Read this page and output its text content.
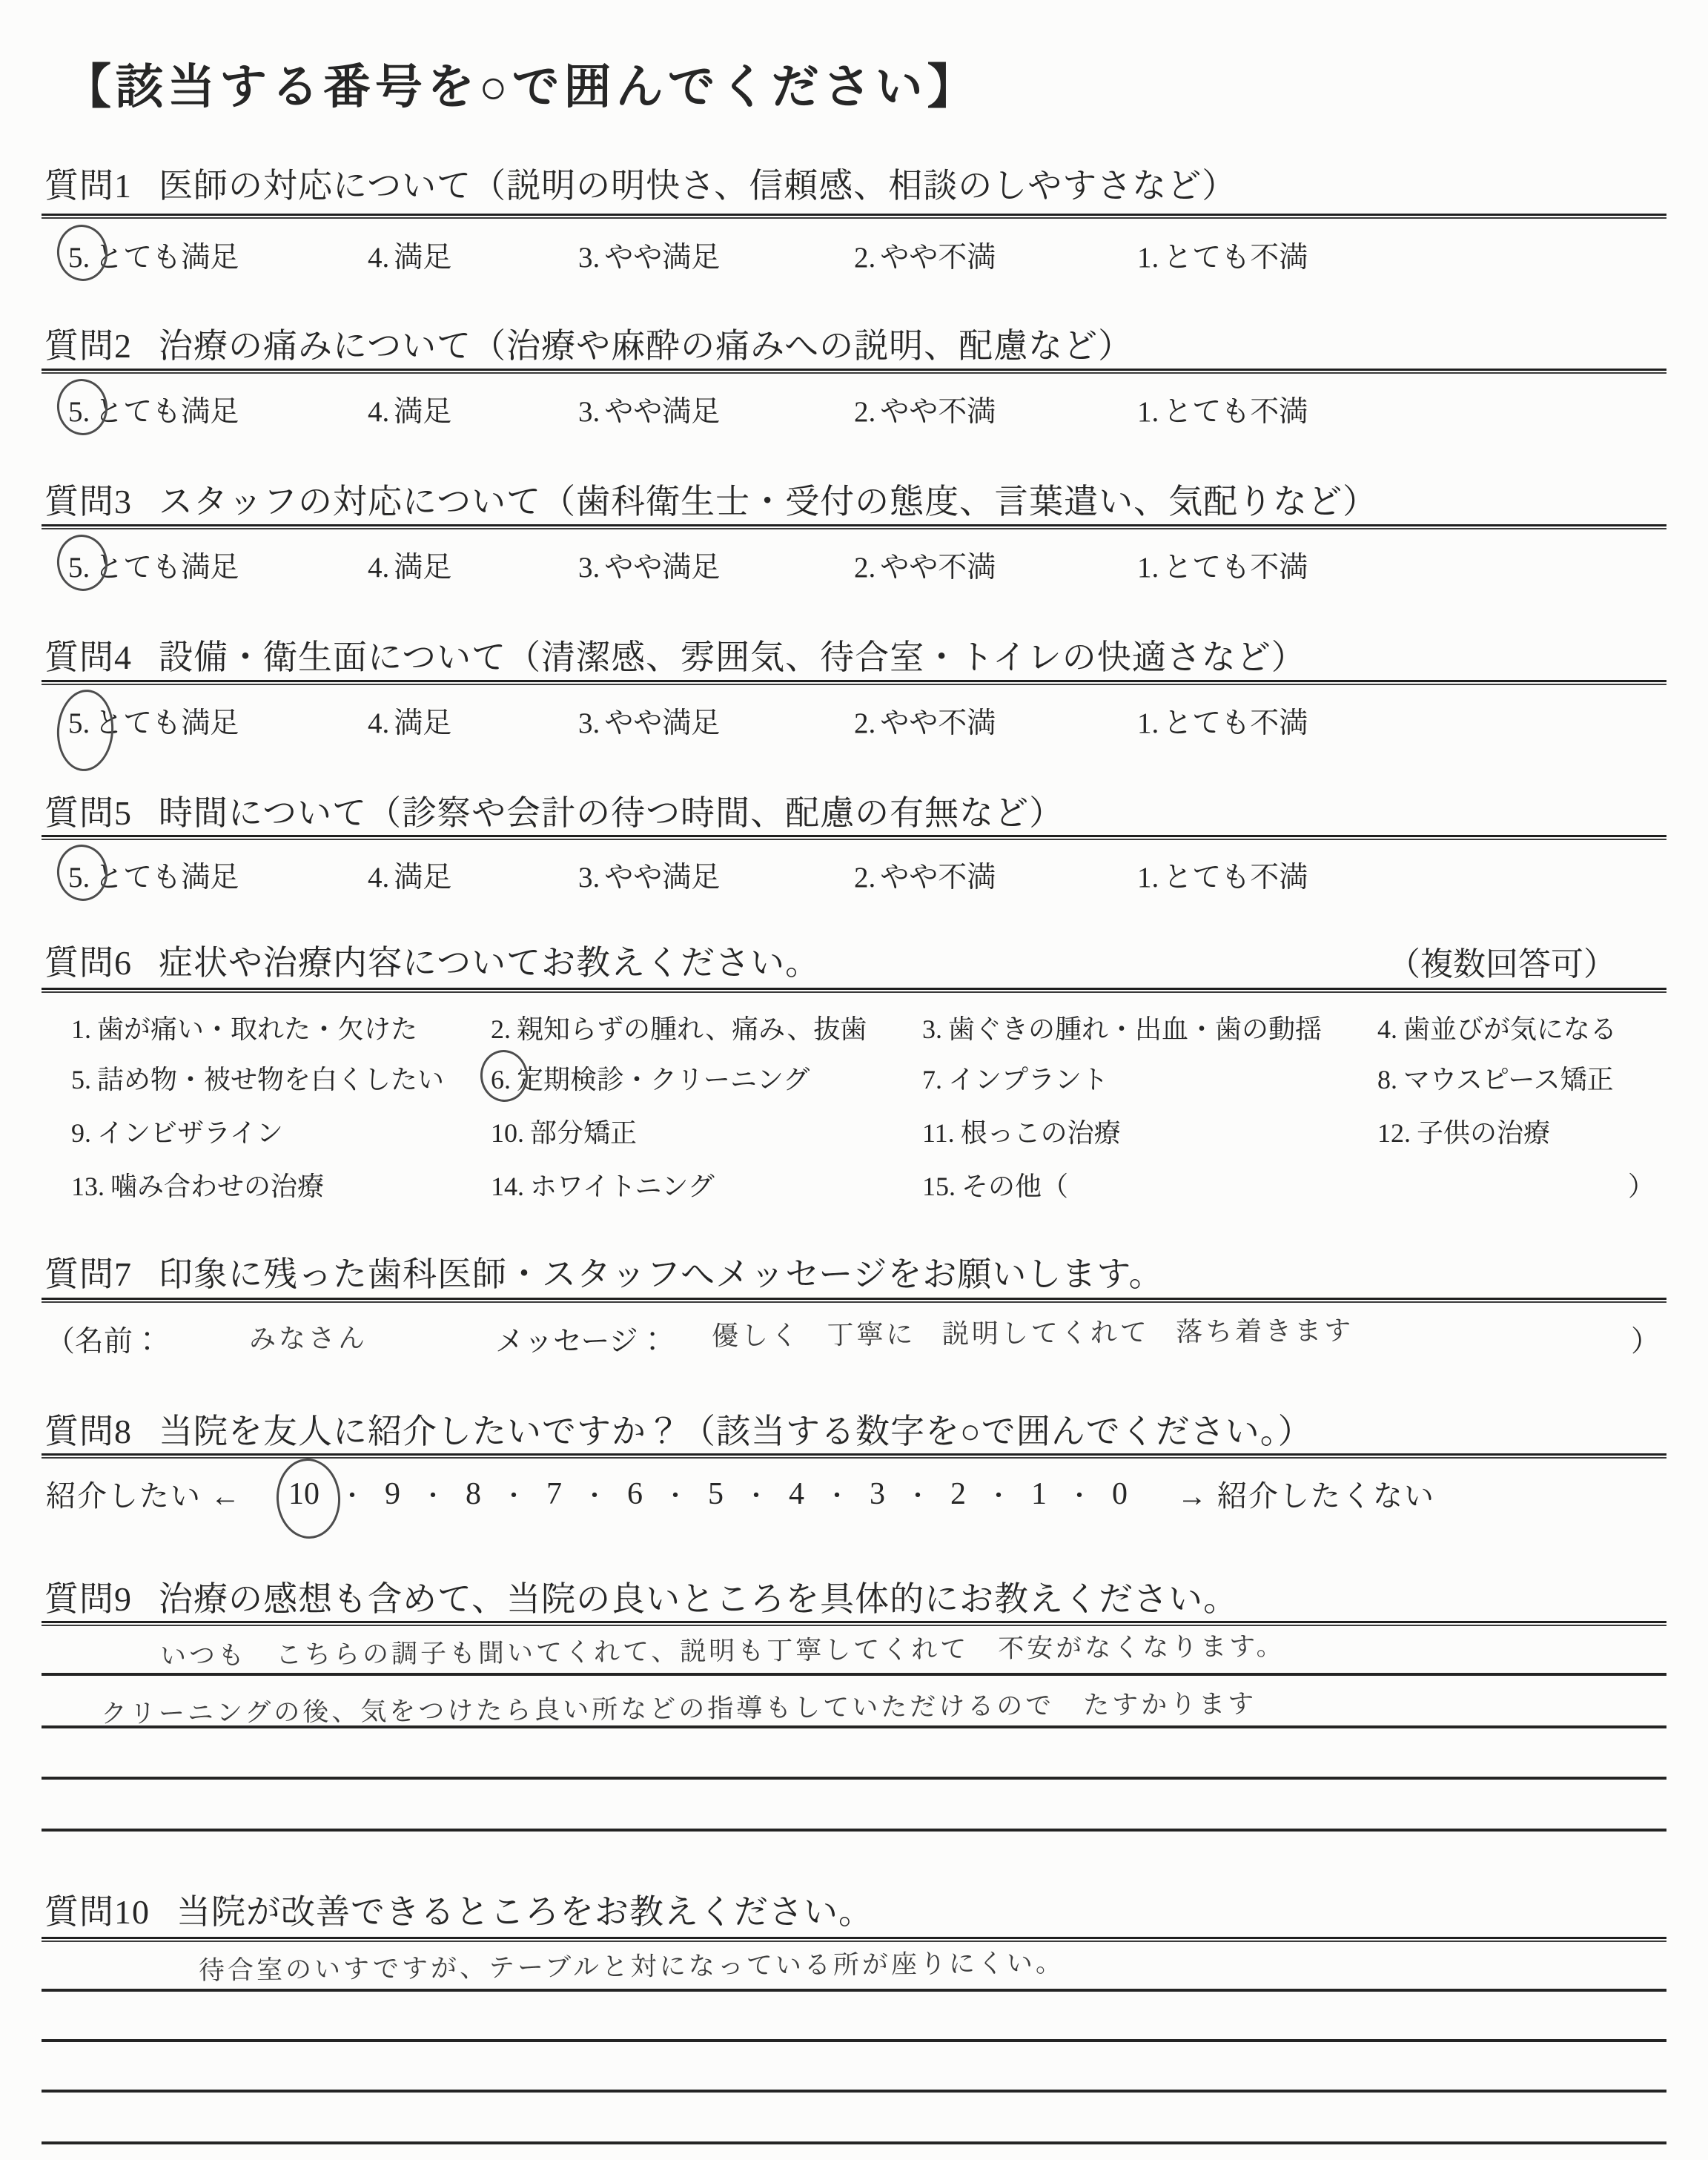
【該当する番号を○で囲んでください】
質問1 医師の対応について（説明の明快さ、信頼感、相談のしやすさなど）
5. とても満足	4. 満足	3. やや満足	2. やや不満	1. とても不満
質問2 治療の痛みについて（治療や麻酔の痛みへの説明、配慮など）
5. とても満足	4. 満足	3. やや満足	2. やや不満	1. とても不満
質問3 スタッフの対応について（歯科衛生士・受付の態度、言葉遣い、気配りなど）
5. とても満足	4. 満足	3. やや満足	2. やや不満	1. とても不満
質問4 設備・衛生面について（清潔感、雰囲気、待合室・トイレの快適さなど）
5. とても満足	4. 満足	3. やや満足	2. やや不満	1. とても不満
質問5 時間について（診察や会計の待つ時間、配慮の有無など）
5. とても満足	4. 満足	3. やや満足	2. やや不満	1. とても不満
質問6 症状や治療内容についてお教えください。	（複数回答可）
1. 歯が痛い・取れた・欠けた	2. 親知らずの腫れ、痛み、抜歯 3. 歯ぐきの腫れ・出血・歯の動揺 4. 歯並びが気になる
5. 詰め物・被せ物を白くしたい 6. 定期検診・クリーニング	7. インプラント	8. マウスピース矯正
9. インビザライン	10. 部分矯正	11. 根っこの治療	12. 子供の治療
13. 噛み合わせの治療	14. ホワイトニング	15. その他（	）
質問7 印象に残った歯科医師・スタッフへメッセージをお願いします。
（名前：	みなさん	メッセージ： 優しく 丁寧に 説明してくれて 落ち着きます	）
質問8 当院を友人に紹介したいですか？（該当する数字を○で囲んでください。）
紹介したい ← 10 ・ 9 ・ 8 ・ 7 ・ 6 ・ 5 ・ 4 ・ 3 ・ 2 ・ 1 ・ 0 → 紹介したくない
質問9 治療の感想も含めて、当院の良いところを具体的にお教えください。
いつも　こちらの調子も聞いてくれて、説明も丁寧してくれて　不安がなくなります。
クリーニングの後、気をつけたら良い所などの指導もしていただけるので　たすかります
質問10 当院が改善できるところをお教えください。
待合室のいすですが、テーブルと対になっている所が座りにくい。
